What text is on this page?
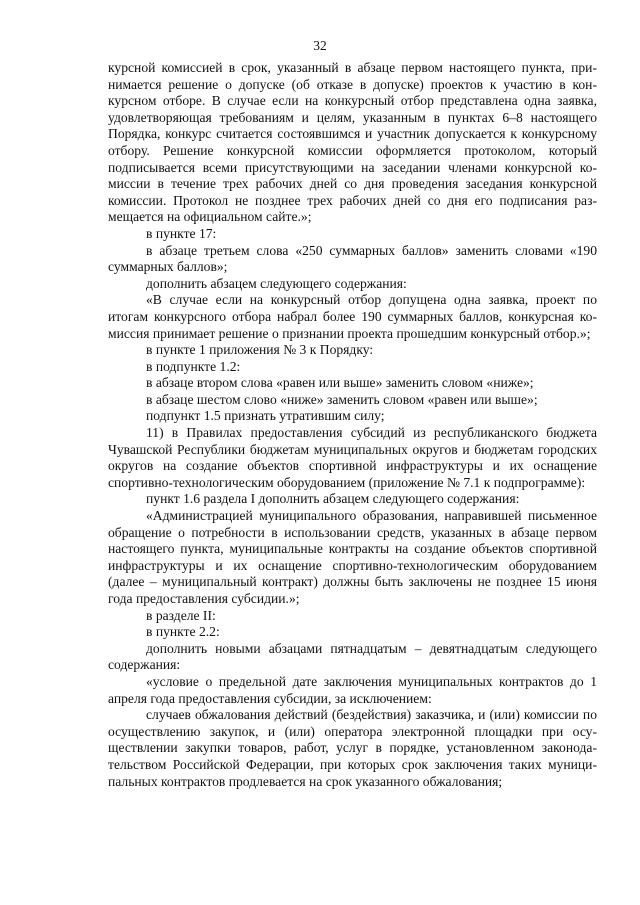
32

курсной комиссией в срок, указанный в абзаце первом настоящего пункта, принимается решение о допуске (об отказе в допуске) проектов к участию в конкурсном отборе. В случае если на конкурсный отбор представлена одна заявка, удовлетворяющая требованиям и целям, указанным в пунктах 6–8 настоящего Порядка, конкурс считается состоявшимся и участник допускается к конкурсному отбору. Решение конкурсной комиссии оформляется протоколом, который подписывается всеми присутствующими на заседании членами конкурсной комиссии в течение трех рабочих дней со дня проведения заседания конкурсной комиссии. Протокол не позднее трех рабочих дней со дня его подписания размещается на официальном сайте.»;

в пункте 17:

в абзаце третьем слова «250 суммарных баллов» заменить словами «190 суммарных баллов»;

дополнить абзацем следующего содержания:

«В случае если на конкурсный отбор допущена одна заявка, проект по итогам конкурсного отбора набрал более 190 суммарных баллов, конкурсная комиссия принимает решение о признании проекта прошедшим конкурсный отбор.»;

в пункте 1 приложения № 3 к Порядку:

в подпункте 1.2:

в абзаце втором слова «равен или выше» заменить словом «ниже»;

в абзаце шестом слово «ниже» заменить словом «равен или выше»;

подпункт 1.5 признать утратившим силу;

11) в Правилах предоставления субсидий из республиканского бюджета Чувашской Республики бюджетам муниципальных округов и бюджетам городских округов на создание объектов спортивной инфраструктуры и их оснащение спортивно-технологическим оборудованием (приложение № 7.1 к подпрограмме):

пункт 1.6 раздела I дополнить абзацем следующего содержания:

«Администрацией муниципального образования, направившей письменное обращение о потребности в использовании средств, указанных в абзаце первом настоящего пункта, муниципальные контракты на создание объектов спортивной инфраструктуры и их оснащение спортивно-технологическим оборудованием (далее – муниципальный контракт) должны быть заключены не позднее 15 июня года предоставления субсидии.»;

в разделе II:

в пункте 2.2:

дополнить новыми абзацами пятнадцатым – девятнадцатым следующего содержания:

«условие о предельной дате заключения муниципальных контрактов до 1 апреля года предоставления субсидии, за исключением:

случаев обжалования действий (бездействия) заказчика, и (или) комиссии по осуществлению закупок, и (или) оператора электронной площадки при осуществлении закупки товаров, работ, услуг в порядке, установленном законодательством Российской Федерации, при которых срок заключения таких муниципальных контрактов продлевается на срок указанного обжалования;
